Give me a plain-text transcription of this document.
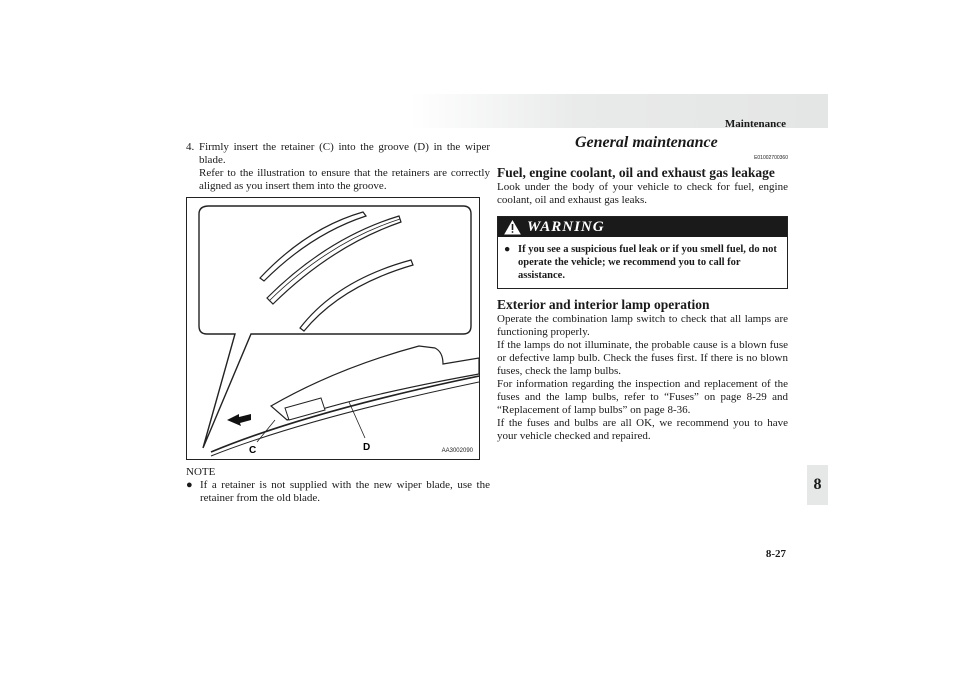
Maintenance
8
8-27
4. Firmly insert the retainer (C) into the groove (D) in the wiper blade.
Refer to the illustration to ensure that the retainers are correctly aligned as you insert them into the groove.
C	D	AA3002090
NOTE
● If a retainer is not supplied with the new wiper blade, use the retainer from the old blade.
General maintenance
E01002700360
Fuel, engine coolant, oil and exhaust gas leakage
Look under the body of your vehicle to check for fuel, engine coolant, oil and exhaust gas leaks.
WARNING
● If you see a suspicious fuel leak or if you smell fuel, do not operate the vehicle; we recommend you to call for assistance.
Exterior and interior lamp operation
Operate the combination lamp switch to check that all lamps are functioning properly.
If the lamps do not illuminate, the probable cause is a blown fuse or defective lamp bulb. Check the fuses first. If there is no blown fuses, check the lamp bulbs.
For information regarding the inspection and replacement of the fuses and the lamp bulbs, refer to “Fuses” on page 8-29 and “Replacement of lamp bulbs” on page 8-36.
If the fuses and bulbs are all OK, we recommend you to have your vehicle checked and repaired.
